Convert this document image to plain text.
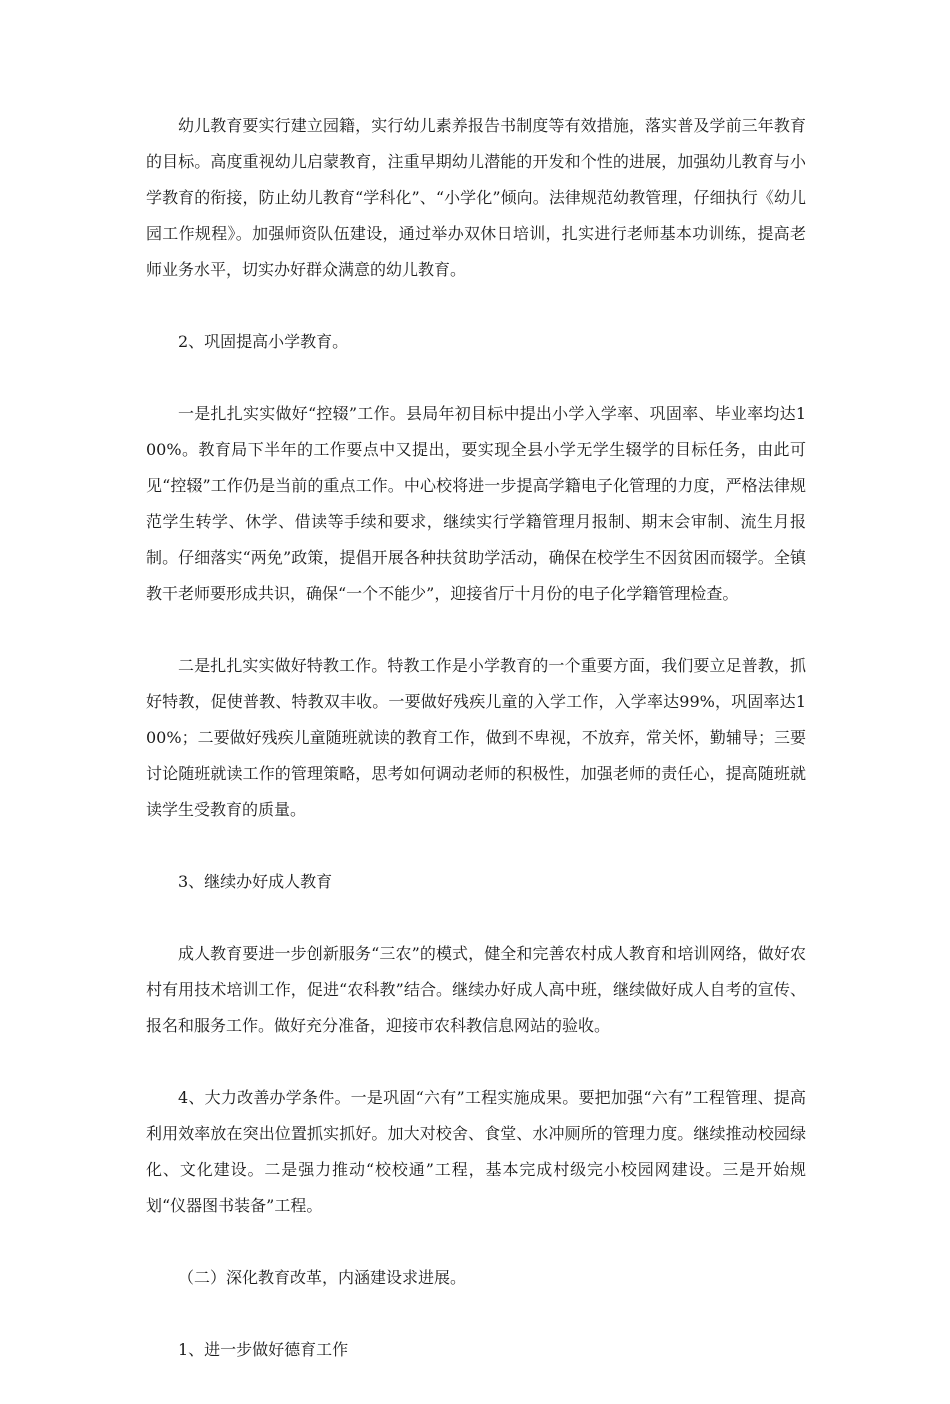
幼儿教育要实行建立园籍，实行幼儿素养报告书制度等有效措施，落实普及学前三年教育的目标。高度重视幼儿启蒙教育，注重早期幼儿潜能的开发和个性的进展，加强幼儿教育与小学教育的衔接，防止幼儿教育“学科化”、“小学化”倾向。法律规范幼教管理，仔细执行《幼儿园工作规程》。加强师资队伍建设，通过举办双休日培训，扎实进行老师基本功训练，提高老师业务水平，切实办好群众满意的幼儿教育。

2、巩固提高小学教育。

一是扎扎实实做好“控辍”工作。县局年初目标中提出小学入学率、巩固率、毕业率均达100%。教育局下半年的工作要点中又提出，要实现全县小学无学生辍学的目标任务，由此可见“控辍”工作仍是当前的重点工作。中心校将进一步提高学籍电子化管理的力度，严格法律规范学生转学、休学、借读等手续和要求，继续实行学籍管理月报制、期末会审制、流生月报制。仔细落实“两免”政策，提倡开展各种扶贫助学活动，确保在校学生不因贫困而辍学。全镇教干老师要形成共识，确保“一个不能少”，迎接省厅十月份的电子化学籍管理检查。

二是扎扎实实做好特教工作。特教工作是小学教育的一个重要方面，我们要立足普教，抓好特教，促使普教、特教双丰收。一要做好残疾儿童的入学工作，入学率达99%，巩固率达100%；二要做好残疾儿童随班就读的教育工作，做到不卑视，不放弃，常关怀，勤辅导；三要讨论随班就读工作的管理策略，思考如何调动老师的积极性，加强老师的责任心，提高随班就读学生受教育的质量。

3、继续办好成人教育

成人教育要进一步创新服务“三农”的模式，健全和完善农村成人教育和培训网络，做好农村有用技术培训工作，促进“农科教”结合。继续办好成人高中班，继续做好成人自考的宣传、报名和服务工作。做好充分准备，迎接市农科教信息网站的验收。

4、大力改善办学条件。一是巩固“六有”工程实施成果。要把加强“六有”工程管理、提高利用效率放在突出位置抓实抓好。加大对校舍、食堂、水冲厕所的管理力度。继续推动校园绿化、文化建设。二是强力推动“校校通”工程，基本完成村级完小校园网建设。三是开始规划“仪器图书装备”工程。

（二）深化教育改革，内涵建设求进展。

1、进一步做好德育工作
